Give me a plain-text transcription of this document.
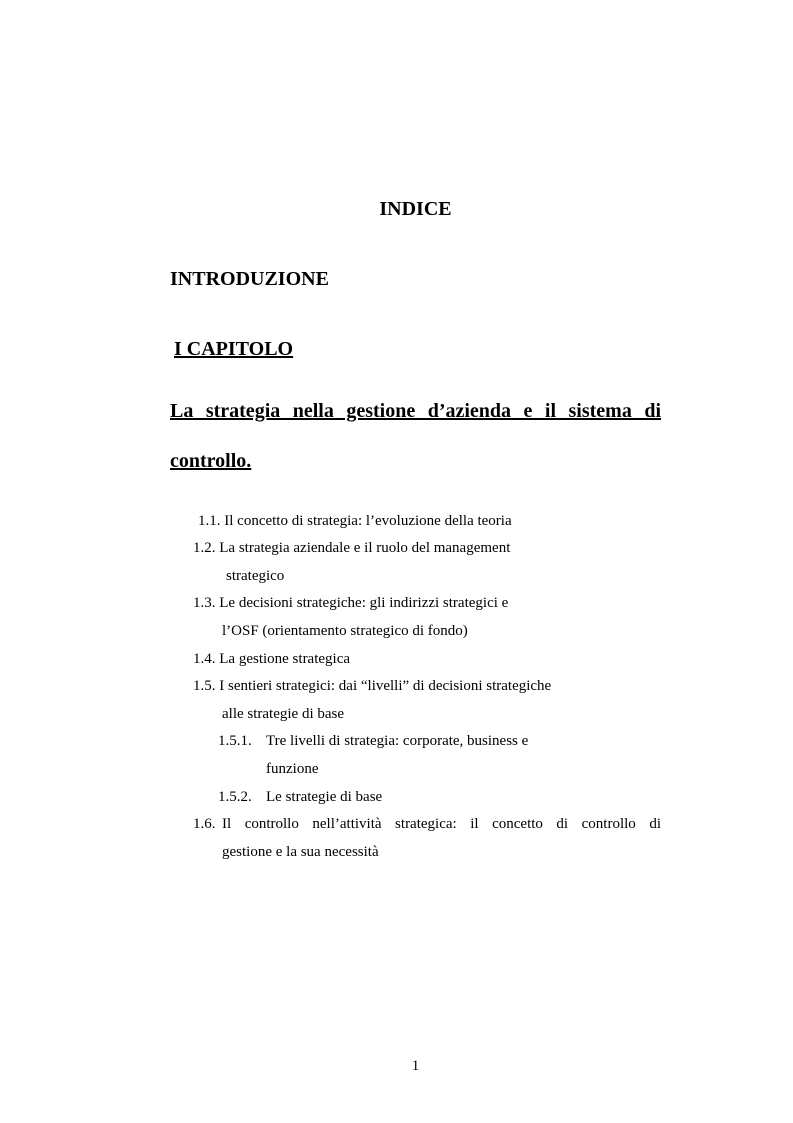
INDICE
INTRODUZIONE
I CAPITOLO
La strategia nella gestione d’azienda e il sistema di
controllo.
1.1. Il concetto di strategia: l’evoluzione della teoria
1.2. La strategia aziendale e il ruolo del management
strategico
1.3. Le decisioni strategiche: gli indirizzi strategici e
l’OSF (orientamento strategico di fondo)
1.4. La gestione strategica
1.5. I sentieri strategici: dai “livelli” di decisioni strategiche
alle strategie di base
1.5.1. Tre livelli di strategia: corporate, business e
funzione
1.5.2. Le strategie di base
1.6. Il controllo nell’attività strategica: il concetto di controllo di
gestione e la sua necessità
1
